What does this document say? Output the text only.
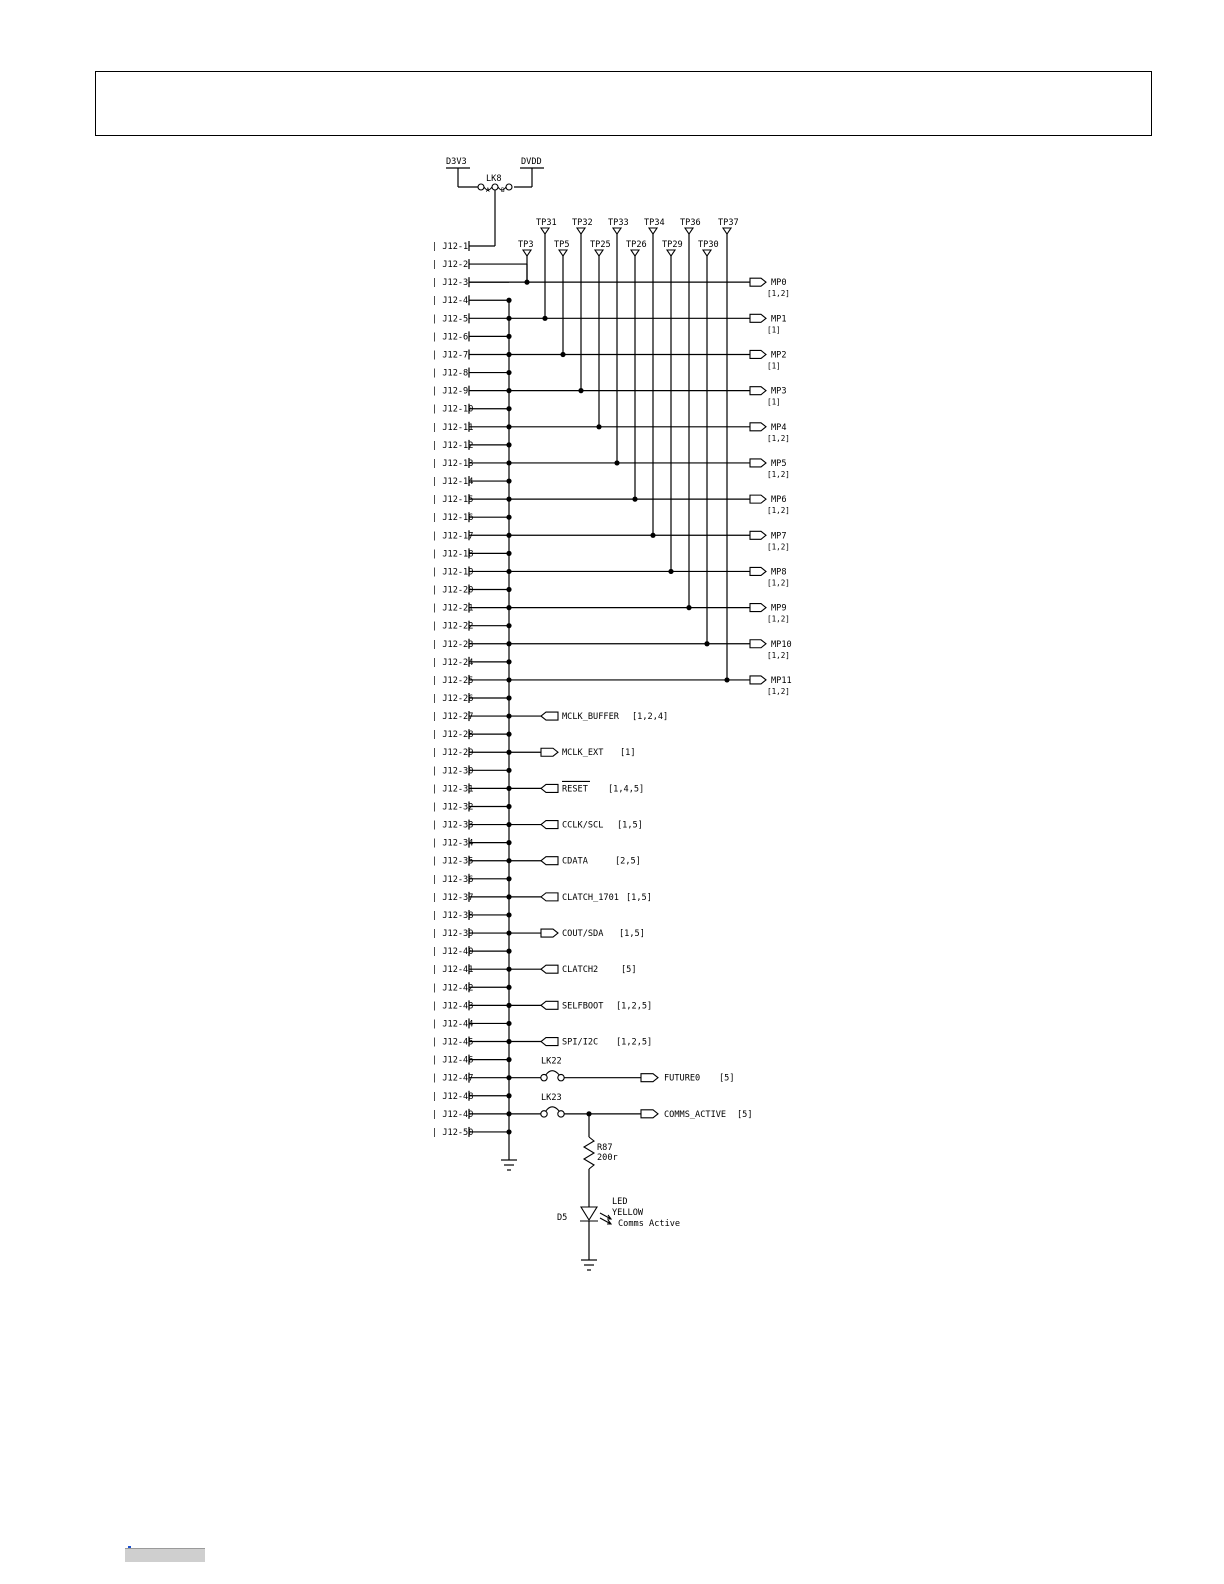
D3V3	DVDD
LK8
A B
| J12-1
| J12-2
| J12-3
| J12-4
| J12-5
| J12-6
| J12-7
| J12-8
| J12-9
| J12-10
| J12-11
| J12-12
| J12-13
| J12-14
| J12-15
| J12-16
| J12-17
| J12-18
| J12-19
| J12-20
| J12-21
| J12-22
| J12-23
| J12-24
| J12-25
| J12-26
| J12-27
| J12-28
| J12-29
| J12-30
| J12-31
| J12-32
| J12-33
| J12-34
| J12-35
| J12-36
| J12-37
| J12-38
| J12-39
| J12-40
| J12-41
| J12-42
| J12-43
| J12-44
| J12-45
| J12-46
| J12-47
| J12-48
| J12-49
| J12-50
TP3
MP0
[1,2]
TP31
MP1
[1]
TP5
MP2
[1]
TP32
MP3
[1]
TP25
MP4
[1,2]
TP33
MP5
[1,2]
TP26
MP6
[1,2]
TP34
MP7
[1,2]
TP29
MP8
[1,2]
TP36
MP9
[1,2]
TP30
MP10
[1,2]
TP37
MP11
[1,2]
MCLK_BUFFER [1,2,4]
MCLK_EXT [1]
RESET [1,4,5]
CCLK/SCL [1,5]
CDATA	[2,5]
CLATCH_1701 [1,5]
COUT/SDA [1,5]
CLATCH2	[5]
SELFBOOT [1,2,5]
SPI/I2C [1,2,5]
LK22
FUTURE0 [5]
LK23
COMMS_ACTIVE [5]
R87
200r
D5
LED
YELLOW
Comms Active
